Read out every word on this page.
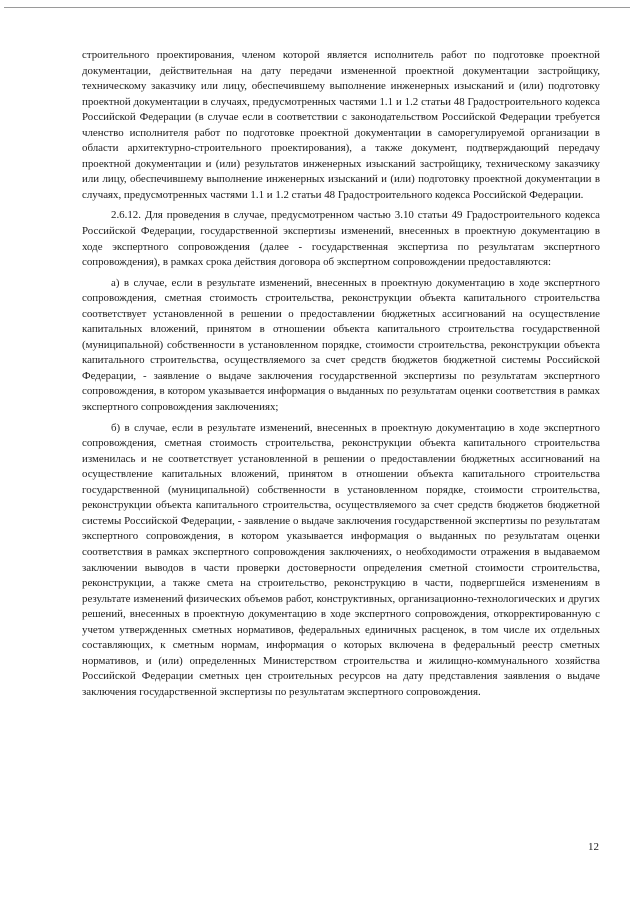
строительного проектирования, членом которой является исполнитель работ по подготовке проектной документации, действительная на дату передачи измененной проектной документации застройщику, техническому заказчику или лицу, обеспечившему выполнение инженерных изысканий и (или) подготовку проектной документации в случаях, предусмотренных частями 1.1 и 1.2 статьи 48 Градостроительного кодекса Российской Федерации (в случае если в соответствии с законодательством Российской Федерации требуется членство исполнителя работ по подготовке проектной документации в саморегулируемой организации в области архитектурно-строительного проектирования), а также документ, подтверждающий передачу проектной документации и (или) результатов инженерных изысканий застройщику, техническому заказчику или лицу, обеспечившему выполнение инженерных изысканий и (или) подготовку проектной документации в случаях, предусмотренных частями 1.1 и 1.2 статьи 48 Градостроительного кодекса Российской Федерации.

2.6.12. Для проведения в случае, предусмотренном частью 3.10 статьи 49 Градостроительного кодекса Российской Федерации, государственной экспертизы изменений, внесенных в проектную документацию в ходе экспертного сопровождения (далее - государственная экспертиза по результатам экспертного сопровождения), в рамках срока действия договора об экспертном сопровождении предоставляются:

а) в случае, если в результате изменений, внесенных в проектную документацию в ходе экспертного сопровождения, сметная стоимость строительства, реконструкции объекта капитального строительства соответствует установленной в решении о предоставлении бюджетных ассигнований на осуществление капитальных вложений, принятом в отношении объекта капитального строительства государственной (муниципальной) собственности в установленном порядке, стоимости строительства, реконструкции объекта капитального строительства, осуществляемого за счет средств бюджетов бюджетной системы Российской Федерации, - заявление о выдаче заключения государственной экспертизы по результатам экспертного сопровождения, в котором указывается информация о выданных по результатам оценки соответствия в рамках экспертного сопровождения заключениях;

б) в случае, если в результате изменений, внесенных в проектную документацию в ходе экспертного сопровождения, сметная стоимость строительства, реконструкции объекта капитального строительства изменилась и не соответствует установленной в решении о предоставлении бюджетных ассигнований на осуществление капитальных вложений, принятом в отношении объекта капитального строительства государственной (муниципальной) собственности в установленном порядке, стоимости строительства, реконструкции объекта капитального строительства, осуществляемого за счет средств бюджетов бюджетной системы Российской Федерации, - заявление о выдаче заключения государственной экспертизы по результатам экспертного сопровождения, в котором указывается информация о выданных по результатам оценки соответствия в рамках экспертного сопровождения заключениях, о необходимости отражения в выдаваемом заключении выводов в части проверки достоверности определения сметной стоимости строительства, реконструкции, а также смета на строительство, реконструкцию в части, подвергшейся изменениям в результате изменений физических объемов работ, конструктивных, организационно-технологических и других решений, внесенных в проектную документацию в ходе экспертного сопровождения, откорректированную с учетом утвержденных сметных нормативов, федеральных единичных расценок, в том числе их отдельных составляющих, к сметным нормам, информация о которых включена в федеральный реестр сметных нормативов, и (или) определенных Министерством строительства и жилищно-коммунального хозяйства Российской Федерации сметных цен строительных ресурсов на дату представления заявления о выдаче заключения государственной экспертизы по результатам экспертного сопровождения.

12
